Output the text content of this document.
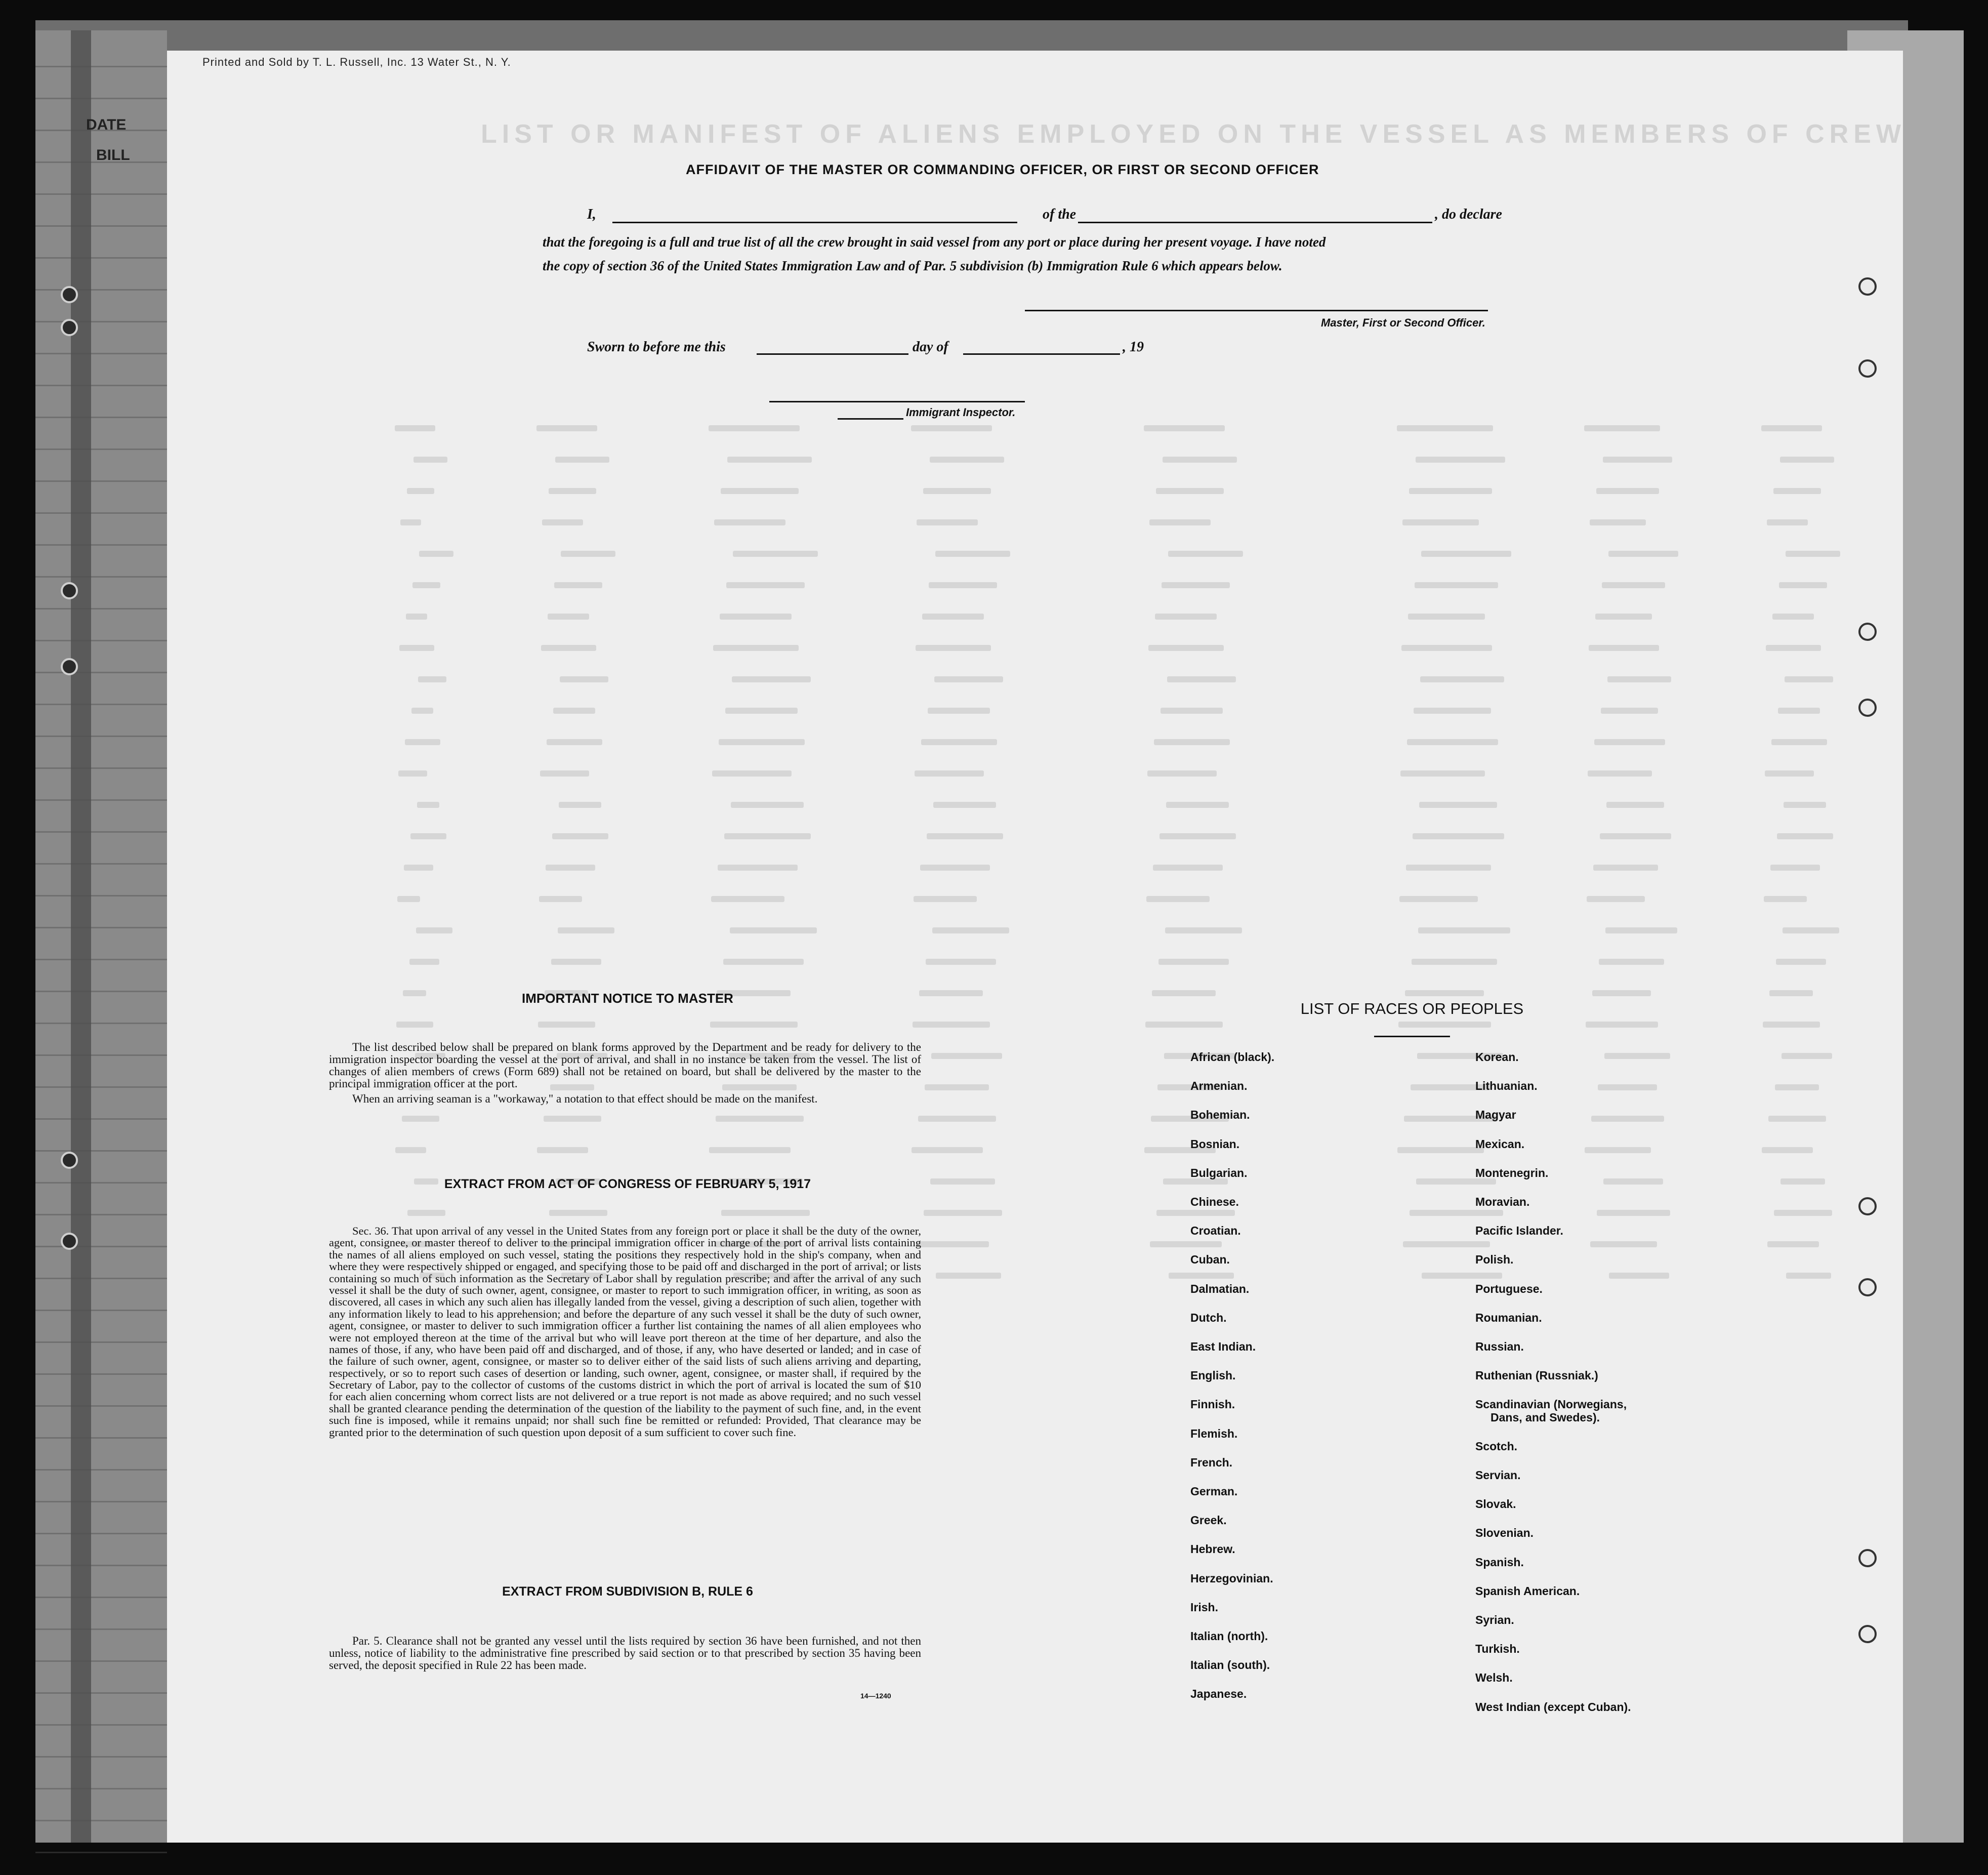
DATE
BILL
Printed and Sold by T. L. Russell, Inc. 13 Water St., N. Y.
LIST OR MANIFEST OF ALIENS EMPLOYED ON THE VESSEL AS MEMBERS OF CREW
AFFIDAVIT OF THE MASTER OR COMMANDING OFFICER, OR FIRST OR SECOND OFFICER
I,	of the	, do declare
that the foregoing is a full and true list of all the crew brought in said vessel from any port or place during her present voyage. I have noted
the copy of section 36 of the United States Immigration Law and of Par. 5 subdivision (b) Immigration Rule 6 which appears below.
Master, First or Second Officer.
Sworn to before me this	day of	, 19
Immigrant Inspector.
IMPORTANT NOTICE TO MASTER

The list described below shall be prepared on blank forms approved by the Department and be ready for delivery to the immigration inspector boarding the vessel at the port of arrival, and shall in no instance be taken from the vessel. The list of changes of alien members of crews (Form 689) shall not be retained on board, but shall be delivered by the master to the principal immigration officer at the port.

When an arriving seaman is a "workaway," a notation to that effect should be made on the manifest.

EXTRACT FROM ACT OF CONGRESS OF FEBRUARY 5, 1917

Sec. 36. That upon arrival of any vessel in the United States from any foreign port or place it shall be the duty of the owner, agent, consignee, or master thereof to deliver to the principal immigration officer in charge of the port of arrival lists containing the names of all aliens employed on such vessel, stating the positions they respectively hold in the ship's company, when and where they were respectively shipped or engaged, and specifying those to be paid off and discharged in the port of arrival; or lists containing so much of such information as the Secretary of Labor shall by regulation prescribe; and after the arrival of any such vessel it shall be the duty of such owner, agent, consignee, or master to report to such immigration officer, in writing, as soon as discovered, all cases in which any such alien has illegally landed from the vessel, giving a description of such alien, together with any information likely to lead to his apprehension; and before the departure of any such vessel it shall be the duty of such owner, agent, consignee, or master to deliver to such immigration officer a further list containing the names of all alien employees who were not employed thereon at the time of the arrival but who will leave port thereon at the time of her departure, and also the names of those, if any, who have been paid off and discharged, and of those, if any, who have deserted or landed; and in case of the failure of such owner, agent, consignee, or master so to deliver either of the said lists of such aliens arriving and departing, respectively, or so to report such cases of desertion or landing, such owner, agent, consignee, or master shall, if required by the Secretary of Labor, pay to the collector of customs of the customs district in which the port of arrival is located the sum of $10 for each alien concerning whom correct lists are not delivered or a true report is not made as above required; and no such vessel shall be granted clearance pending the determination of the question of the liability to the payment of such fine, and, in the event such fine is imposed, while it remains unpaid; nor shall such fine be remitted or refunded: Provided, That clearance may be granted prior to the determination of such question upon deposit of a sum sufficient to cover such fine.

EXTRACT FROM SUBDIVISION B, RULE 6

Par. 5. Clearance shall not be granted any vessel until the lists required by section 36 have been furnished, and not then unless, notice of liability to the administrative fine prescribed by said section or to that prescribed by section 35 having been served, the deposit specified in Rule 22 has been made.

14—1240
LIST OF RACES OR PEOPLES
African (black).
Armenian.
Bohemian.
Bosnian.
Bulgarian.
Chinese.
Croatian.
Cuban.
Dalmatian.
Dutch.
East Indian.
English.
Finnish.
Flemish.
French.
German.
Greek.
Hebrew.
Herzegovinian.
Irish.
Italian (north).
Italian (south).
Japanese.
Korean.
Lithuanian.
Magyar
Mexican.
Montenegrin.
Moravian.
Pacific Islander.
Polish.
Portuguese.
Roumanian.
Russian.
Ruthenian (Russniak.)
Scandinavian (Norwegians,
Dans, and Swedes).
Scotch.
Servian.
Slovak.
Slovenian.
Spanish.
Spanish American.
Syrian.
Turkish.
Welsh.
West Indian (except Cuban).
